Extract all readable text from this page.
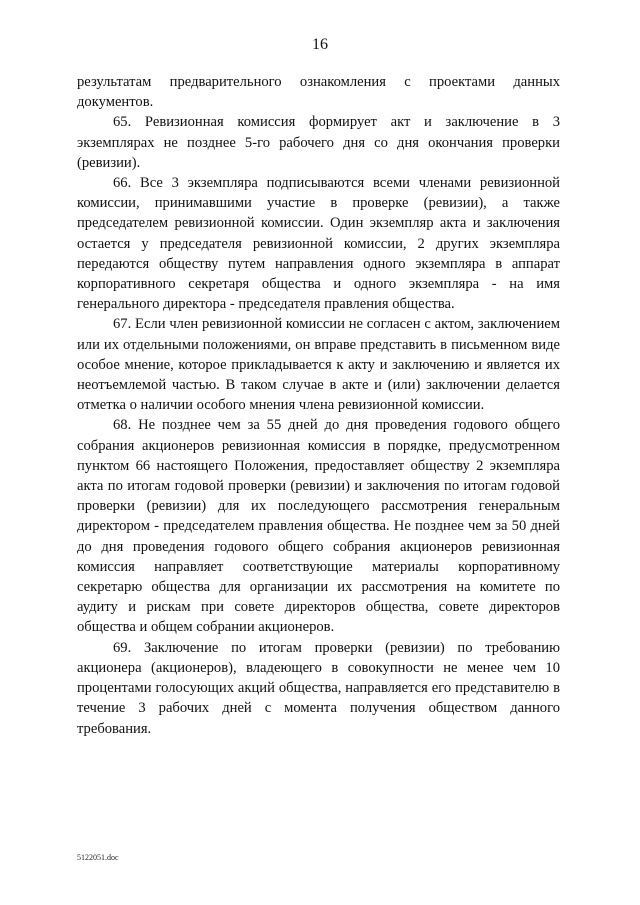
16

результатам предварительного ознакомления с проектами данных документов.

65. Ревизионная комиссия формирует акт и заключение в 3 экземплярах не позднее 5-го рабочего дня со дня окончания проверки (ревизии).

66. Все 3 экземпляра подписываются всеми членами ревизионной комиссии, принимавшими участие в проверке (ревизии), а также председателем ревизионной комиссии. Один экземпляр акта и заключения остается у председателя ревизионной комиссии, 2 других экземпляра передаются обществу путем направления одного экземпляра в аппарат корпоративного секретаря общества и одного экземпляра - на имя генерального директора - председателя правления общества.

67. Если член ревизионной комиссии не согласен с актом, заключением или их отдельными положениями, он вправе представить в письменном виде особое мнение, которое прикладывается к акту и заключению и является их неотъемлемой частью. В таком случае в акте и (или) заключении делается отметка о наличии особого мнения члена ревизионной комиссии.

68. Не позднее чем за 55 дней до дня проведения годового общего собрания акционеров ревизионная комиссия в порядке, предусмотренном пунктом 66 настоящего Положения, предоставляет обществу 2 экземпляра акта по итогам годовой проверки (ревизии) и заключения по итогам годовой проверки (ревизии) для их последующего рассмотрения генеральным директором - председателем правления общества. Не позднее чем за 50 дней до дня проведения годового общего собрания акционеров ревизионная комиссия направляет соответствующие материалы корпоративному секретарю общества для организации их рассмотрения на комитете по аудиту и рискам при совете директоров общества, совете директоров общества и общем собрании акционеров.

69. Заключение по итогам проверки (ревизии) по требованию акционера (акционеров), владеющего в совокупности не менее чем 10 процентами голосующих акций общества, направляется его представителю в течение 3 рабочих дней с момента получения обществом данного требования.

5122051.doc
